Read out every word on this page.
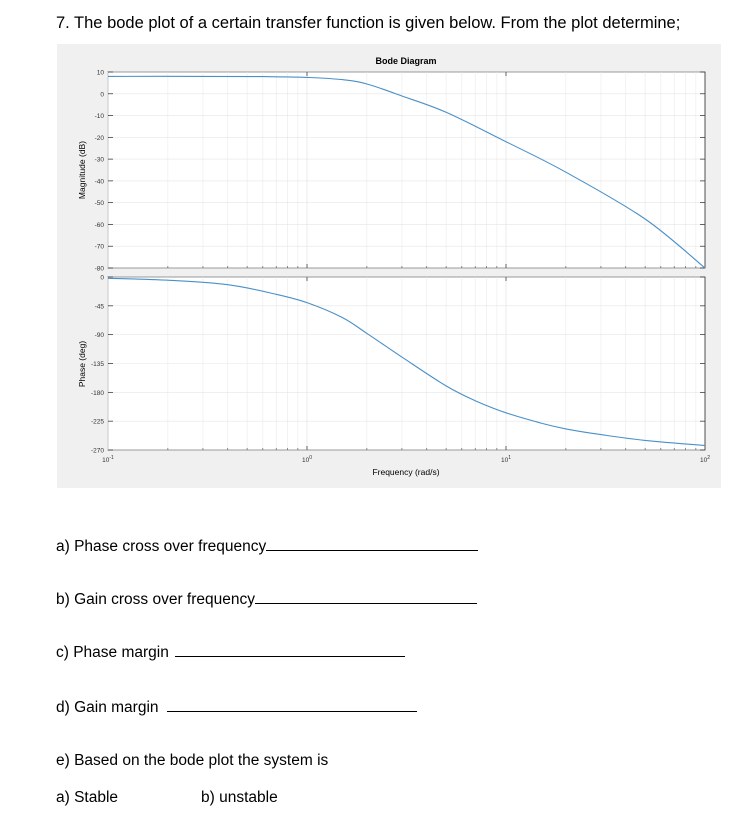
7. The bode plot of a certain transfer function is given below. From the plot determine;
Bode Diagram
10
0
-10
-20
-30
-40
-50
-60
-70
-80
0
-45
-90
-135
-180
-225
-270
$10^{-1}$	$10^0$	$10^1$	$10^2$
Magnitude (dB)
Phase (deg)
Frequency (rad/s)
a) Phase cross over frequency
b) Gain cross over frequency
c) Phase margin
d) Gain margin
e) Based on the bode plot the system is
a) Stable	b) unstable
